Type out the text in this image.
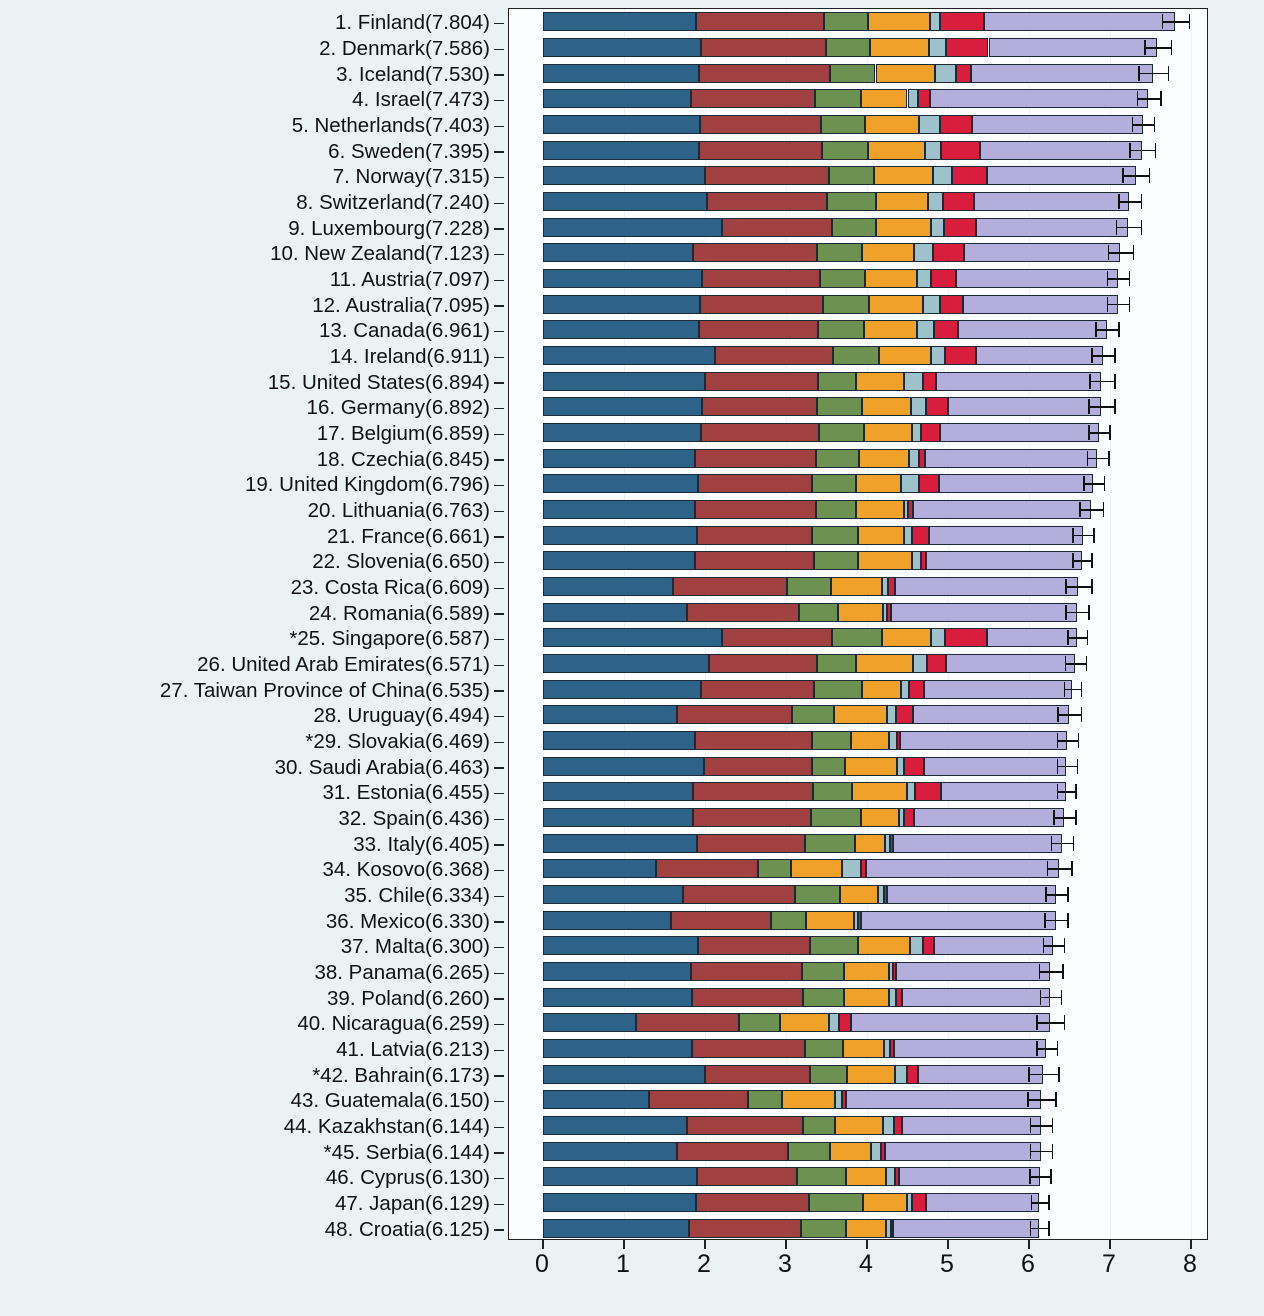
1. Finland(7.804)
2. Denmark(7.586)
3. Iceland(7.530)
4. Israel(7.473)
5. Netherlands(7.403)
6. Sweden(7.395)
7. Norway(7.315)
8. Switzerland(7.240)
9. Luxembourg(7.228)
10. New Zealand(7.123)
11. Austria(7.097)
12. Australia(7.095)
13. Canada(6.961)
14. Ireland(6.911)
15. United States(6.894)
16. Germany(6.892)
17. Belgium(6.859)
18. Czechia(6.845)
19. United Kingdom(6.796)
20. Lithuania(6.763)
21. France(6.661)
22. Slovenia(6.650)
23. Costa Rica(6.609)
24. Romania(6.589)
*25. Singapore(6.587)
26. United Arab Emirates(6.571)
27. Taiwan Province of China(6.535)
28. Uruguay(6.494)
*29. Slovakia(6.469)
30. Saudi Arabia(6.463)
31. Estonia(6.455)
32. Spain(6.436)
33. Italy(6.405)
34. Kosovo(6.368)
35. Chile(6.334)
36. Mexico(6.330)
37. Malta(6.300)
38. Panama(6.265)
39. Poland(6.260)
40. Nicaragua(6.259)
41. Latvia(6.213)
*42. Bahrain(6.173)
43. Guatemala(6.150)
44. Kazakhstan(6.144)
*45. Serbia(6.144)
46. Cyprus(6.130)
47. Japan(6.129)
48. Croatia(6.125)
0	1	2	3	4	5	6	7	8
